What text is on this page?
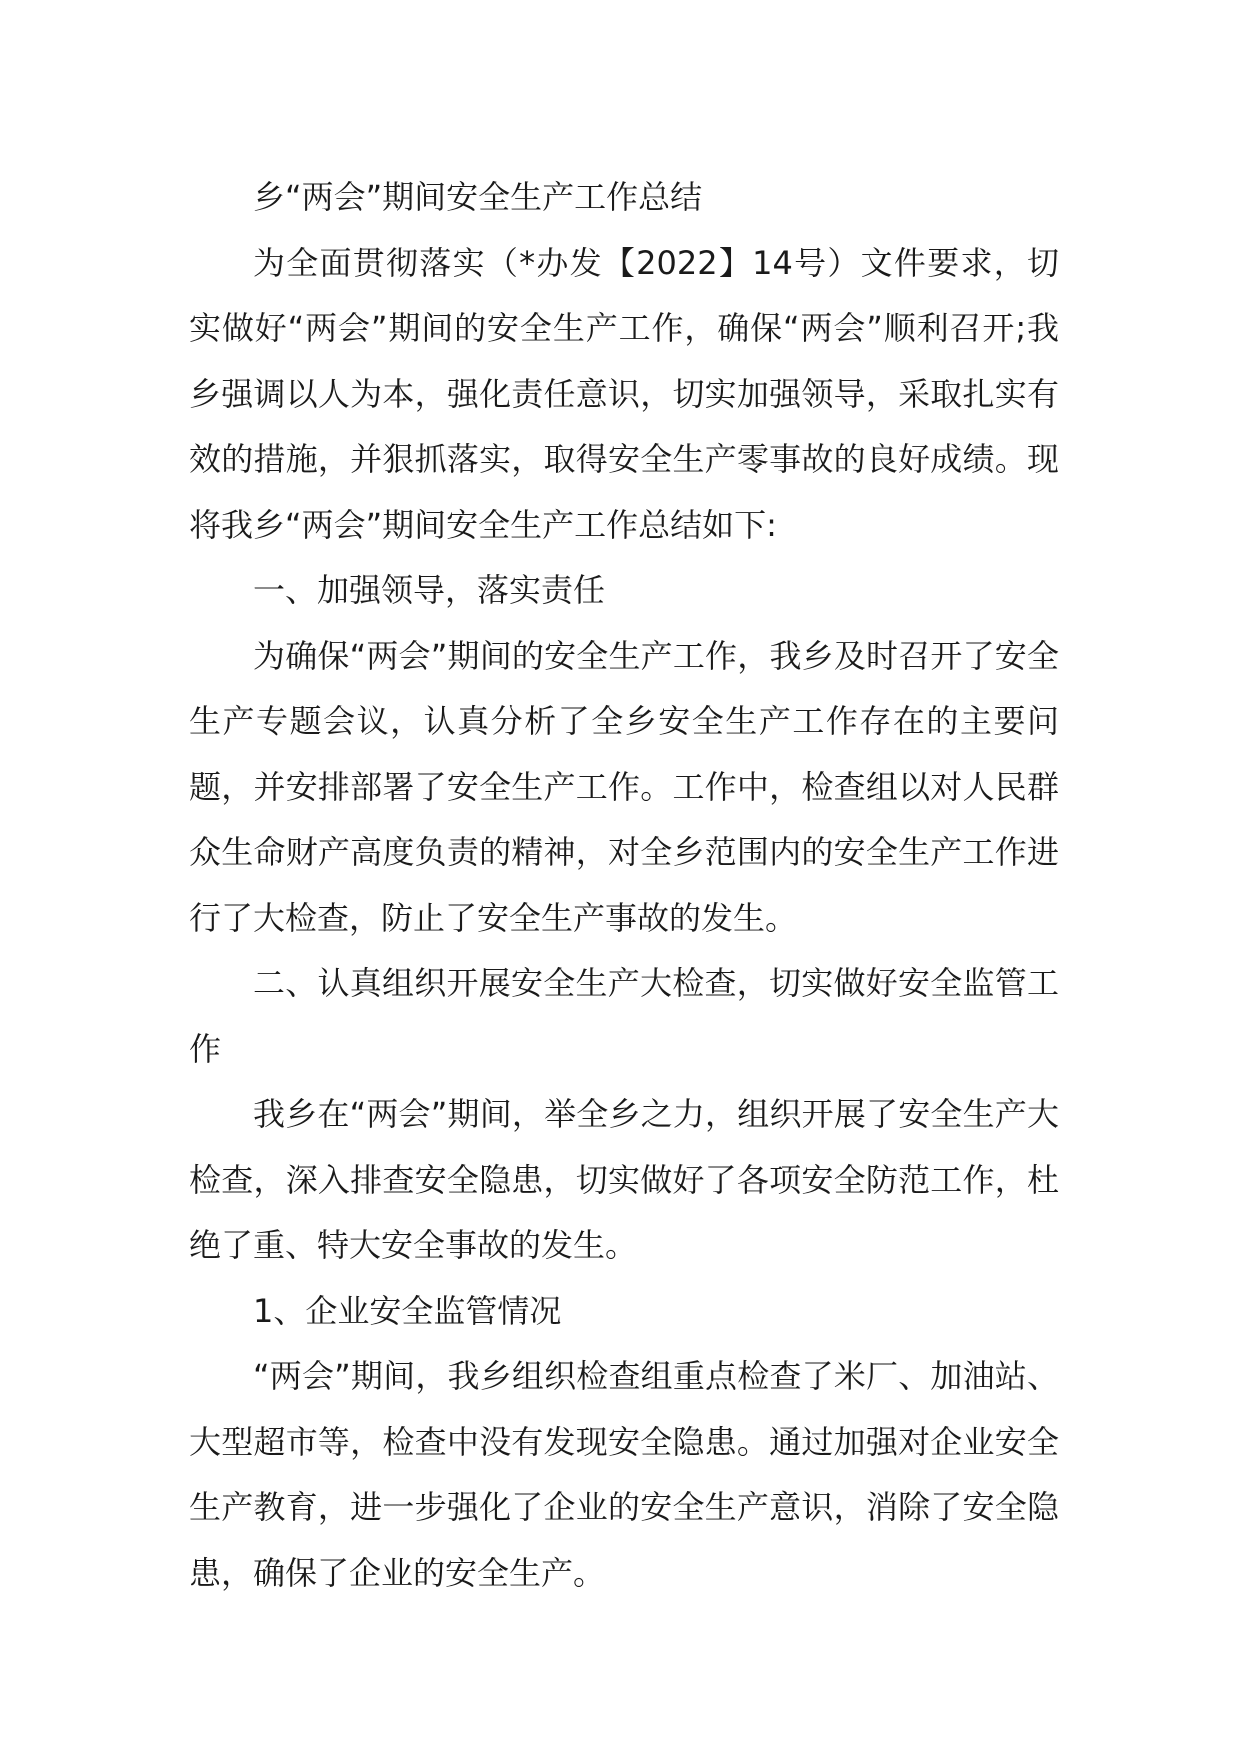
乡“两会”期间安全生产工作总结

为全面贯彻落实（*办发【2022】14号）文件要求，切实做好“两会”期间的安全生产工作，确保“两会”顺利召开;我乡强调以人为本，强化责任意识，切实加强领导，采取扎实有效的措施，并狠抓落实，取得安全生产零事故的良好成绩。现将我乡“两会”期间安全生产工作总结如下:

一、加强领导，落实责任

为确保“两会”期间的安全生产工作，我乡及时召开了安全生产专题会议，认真分析了全乡安全生产工作存在的主要问题，并安排部署了安全生产工作。工作中，检查组以对人民群众生命财产高度负责的精神，对全乡范围内的安全生产工作进行了大检查，防止了安全生产事故的发生。

二、认真组织开展安全生产大检查，切实做好安全监管工作

我乡在“两会”期间，举全乡之力，组织开展了安全生产大检查，深入排查安全隐患，切实做好了各项安全防范工作，杜绝了重、特大安全事故的发生。

1、企业安全监管情况

“两会”期间，我乡组织检查组重点检查了米厂、加油站、大型超市等，检查中没有发现安全隐患。通过加强对企业安全生产教育，进一步强化了企业的安全生产意识，消除了安全隐患，确保了企业的安全生产。
